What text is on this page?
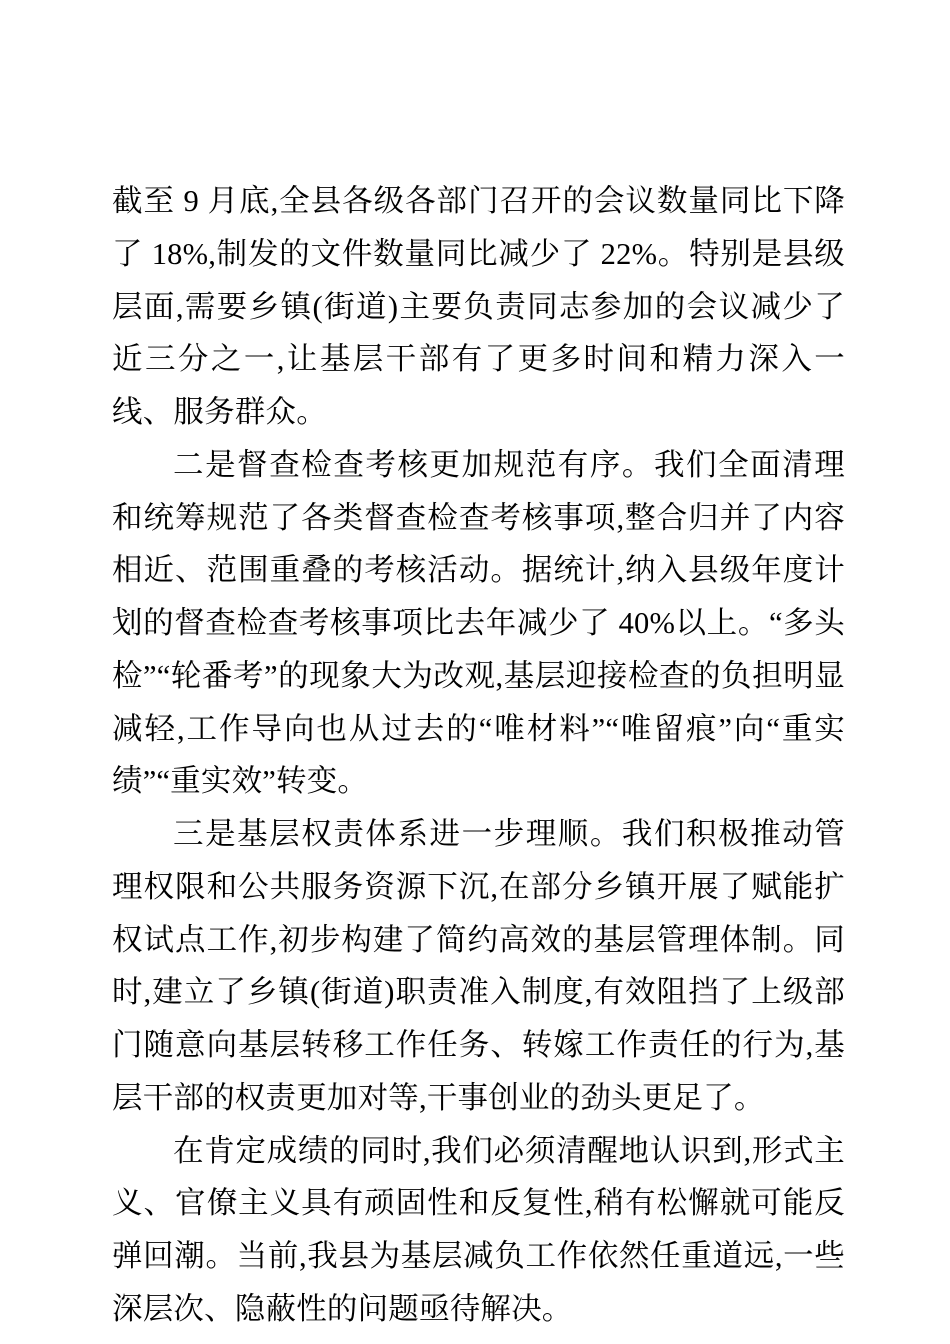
截至 9 月底,全县各级各部门召开的会议数量同比下降了 18%,制发的文件数量同比减少了 22%。特别是县级层面,需要乡镇(街道)主要负责同志参加的会议减少了近三分之一,让基层干部有了更多时间和精力深入一线、服务群众。

二是督查检查考核更加规范有序。我们全面清理和统筹规范了各类督查检查考核事项,整合归并了内容相近、范围重叠的考核活动。据统计,纳入县级年度计划的督查检查考核事项比去年减少了 40%以上。“多头检”“轮番考”的现象大为改观,基层迎接检查的负担明显减轻,工作导向也从过去的“唯材料”“唯留痕”向“重实绩”“重实效”转变。

三是基层权责体系进一步理顺。我们积极推动管理权限和公共服务资源下沉,在部分乡镇开展了赋能扩权试点工作,初步构建了简约高效的基层管理体制。同时,建立了乡镇(街道)职责准入制度,有效阻挡了上级部门随意向基层转移工作任务、转嫁工作责任的行为,基层干部的权责更加对等,干事创业的劲头更足了。

在肯定成绩的同时,我们必须清醒地认识到,形式主义、官僚主义具有顽固性和反复性,稍有松懈就可能反弹回潮。当前,我县为基层减负工作依然任重道远,一些深层次、隐蔽性的问题亟待解决。
